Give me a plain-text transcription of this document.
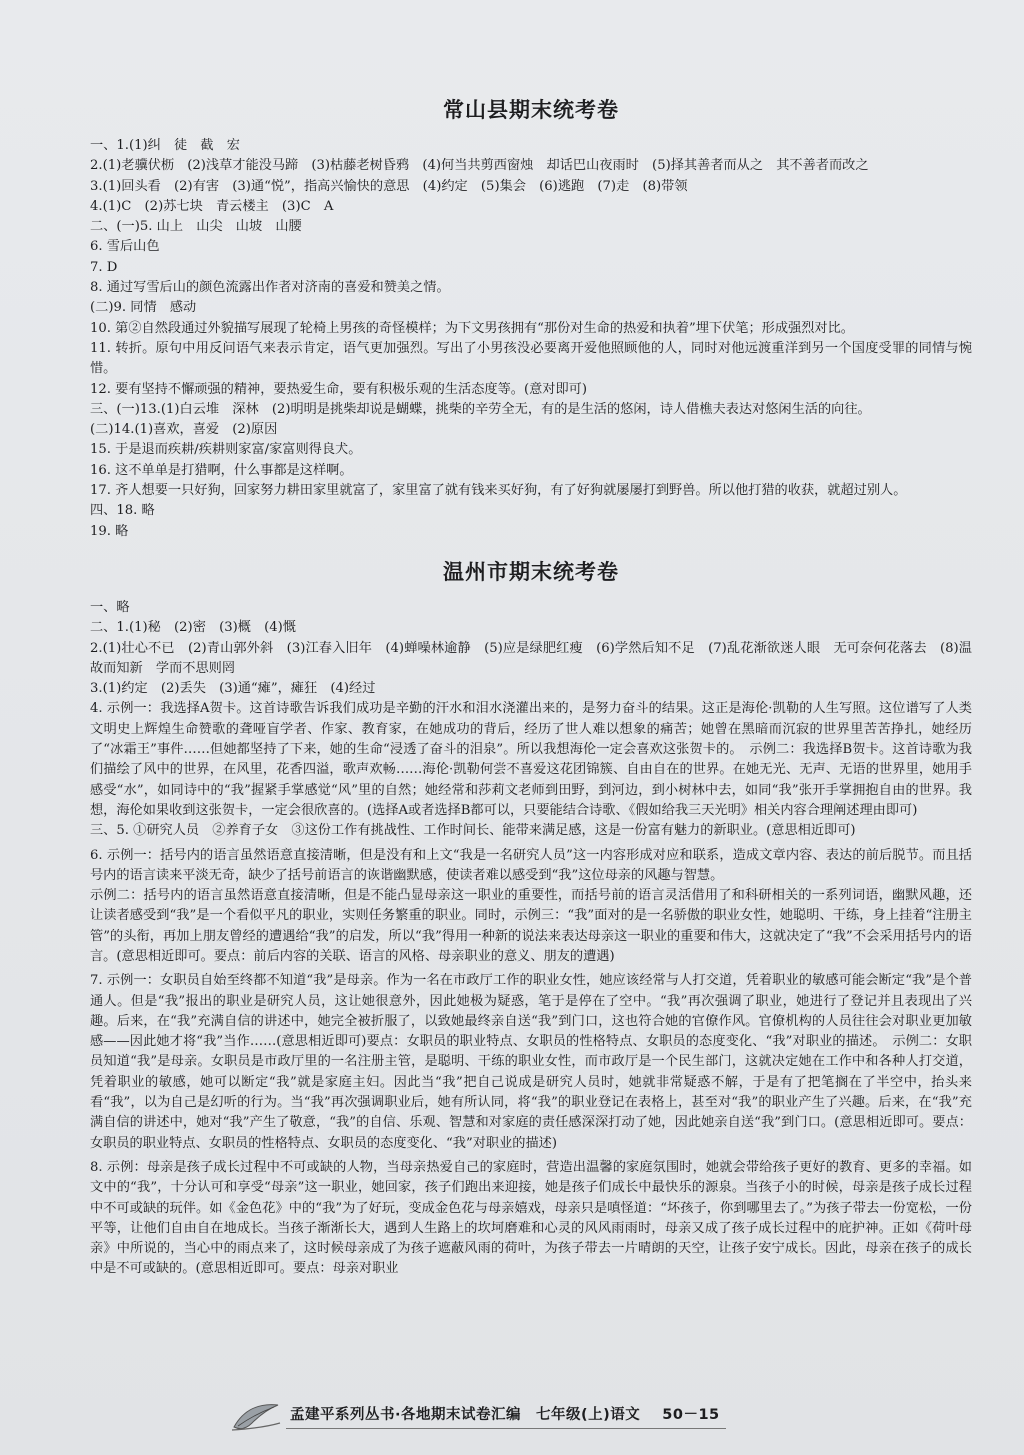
常山县期末统考卷

一、1.(1)纠　徒　截　宏

2.(1)老骥伏枥　(2)浅草才能没马蹄　(3)枯藤老树昏鸦　(4)何当共剪西窗烛　却话巴山夜雨时　(5)择其善者而从之　其不善者而改之

3.(1)回头看　(2)有害　(3)通“悦”，指高兴愉快的意思　(4)约定　(5)集会　(6)逃跑　(7)走　(8)带领

4.(1)C　(2)苏七块　青云楼主　(3)C　A

二、(一)5. 山上　山尖　山坡　山腰

6. 雪后山色

7. D

8. 通过写雪后山的颜色流露出作者对济南的喜爱和赞美之情。

(二)9. 同情　感动

10. 第②自然段通过外貌描写展现了轮椅上男孩的奇怪模样；为下文男孩拥有“那份对生命的热爱和执着”埋下伏笔；形成强烈对比。

11. 转折。原句中用反问语气来表示肯定，语气更加强烈。写出了小男孩没必要离开爱他照顾他的人，同时对他远渡重洋到另一个国度受罪的同情与惋惜。

12. 要有坚持不懈顽强的精神，要热爱生命，要有积极乐观的生活态度等。(意对即可)

三、(一)13.(1)白云堆　深林　(2)明明是挑柴却说是蝴蝶，挑柴的辛劳全无，有的是生活的悠闲，诗人借樵夫表达对悠闲生活的向往。

(二)14.(1)喜欢，喜爱　(2)原因

15. 于是退而疾耕/疾耕则家富/家富则得良犬。

16. 这不单单是打猎啊，什么事都是这样啊。

17. 齐人想要一只好狗，回家努力耕田家里就富了，家里富了就有钱来买好狗，有了好狗就屡屡打到野兽。所以他打猎的收获，就超过别人。

四、18. 略

19. 略

温州市期末统考卷

一、略

二、1.(1)秘　(2)密　(3)概　(4)慨

2.(1)壮心不已　(2)青山郭外斜　(3)江春入旧年　(4)蝉噪林逾静　(5)应是绿肥红瘦　(6)学然后知不足　(7)乱花渐欲迷人眼　无可奈何花落去　(8)温故而知新　学而不思则罔

3.(1)约定　(2)丢失　(3)通“瘫”，瘫狂　(4)经过

4. 示例一：我选择A贺卡。这首诗歌告诉我们成功是辛勤的汗水和泪水浇灌出来的，是努力奋斗的结果。这正是海伦·凯勒的人生写照。这位谱写了人类文明史上辉煌生命赞歌的聋哑盲学者、作家、教育家，在她成功的背后，经历了世人难以想象的痛苦；她曾在黑暗而沉寂的世界里苦苦挣扎，她经历了“冰霜王”事件……但她都坚持了下来，她的生命“浸透了奋斗的泪泉”。所以我想海伦一定会喜欢这张贺卡的。　示例二：我选择B贺卡。这首诗歌为我们描绘了风中的世界，在风里，花香四溢，歌声欢畅……海伦·凯勒何尝不喜爱这花团锦簇、自由自在的世界。在她无光、无声、无语的世界里，她用手感受“水”，如同诗中的“我”握紧手掌感觉“风”里的自然；她经常和莎莉文老师到田野，到河边，到小树林中去，如同“我”张开手掌拥抱自由的世界。我想，海伦如果收到这张贺卡，一定会很欣喜的。(选择A或者选择B都可以，只要能结合诗歌、《假如给我三天光明》相关内容合理阐述理由即可)

三、5. ①研究人员　②养育子女　③这份工作有挑战性、工作时间长、能带来满足感，这是一份富有魅力的新职业。(意思相近即可)

6. 示例一：括号内的语言虽然语意直接清晰，但是没有和上文“我是一名研究人员”这一内容形成对应和联系，造成文章内容、表达的前后脱节。而且括号内的语言读来平淡无奇，缺少了括号前语言的诙谐幽默感，使读者难以感受到“我”这位母亲的风趣与智慧。

示例二：括号内的语言虽然语意直接清晰，但是不能凸显母亲这一职业的重要性，而括号前的语言灵活借用了和科研相关的一系列词语，幽默风趣，还让读者感受到“我”是一个看似平凡的职业，实则任务繁重的职业。同时，示例三：“我”面对的是一名骄傲的职业女性，她聪明、干练，身上挂着“注册主管”的头衔，再加上朋友曾经的遭遇给“我”的启发，所以“我”得用一种新的说法来表达母亲这一职业的重要和伟大，这就决定了“我”不会采用括号内的语言。(意思相近即可。要点：前后内容的关联、语言的风格、母亲职业的意义、朋友的遭遇)

7. 示例一：女职员自始至终都不知道“我”是母亲。作为一名在市政厅工作的职业女性，她应该经常与人打交道，凭着职业的敏感可能会断定“我”是个普通人。但是“我”报出的职业是研究人员，这让她很意外，因此她极为疑惑，笔于是停在了空中。“我”再次强调了职业，她进行了登记并且表现出了兴趣。后来，在“我”充满自信的讲述中，她完全被折服了，以致她最终亲自送“我”到门口，这也符合她的官僚作风。官僚机构的人员往往会对职业更加敏感——因此她才将“我”当作……(意思相近即可)要点：女职员的职业特点、女职员的性格特点、女职员的态度变化、“我”对职业的描述。　示例二：女职员知道“我”是母亲。女职员是市政厅里的一名注册主管，是聪明、干练的职业女性，而市政厅是一个民生部门，这就决定她在工作中和各种人打交道，凭着职业的敏感，她可以断定“我”就是家庭主妇。因此当“我”把自己说成是研究人员时，她就非常疑惑不解，于是有了把笔搁在了半空中，抬头来看“我”，以为自己是幻听的行为。当“我”再次强调职业后，她有所认同，将“我”的职业登记在表格上，甚至对“我”的职业产生了兴趣。后来，在“我”充满自信的讲述中，她对“我”产生了敬意，“我”的自信、乐观、智慧和对家庭的责任感深深打动了她，因此她亲自送“我”到门口。(意思相近即可。要点：女职员的职业特点、女职员的性格特点、女职员的态度变化、“我”对职业的描述)

8. 示例：母亲是孩子成长过程中不可或缺的人物，当母亲热爱自己的家庭时，营造出温馨的家庭氛围时，她就会带给孩子更好的教育、更多的幸福。如文中的“我”，十分认可和享受“母亲”这一职业，她回家，孩子们跑出来迎接，她是孩子们成长中最快乐的源泉。当孩子小的时候，母亲是孩子成长过程中不可或缺的玩伴。如《金色花》中的“我”为了好玩，变成金色花与母亲嬉戏，母亲只是嗔怪道：“坏孩子，你到哪里去了。”为孩子带去一份宽松，一份平等，让他们自由自在地成长。当孩子渐渐长大，遇到人生路上的坎坷磨难和心灵的风风雨雨时，母亲又成了孩子成长过程中的庇护神。正如《荷叶母亲》中所说的，当心中的雨点来了，这时候母亲成了为孩子遮蔽风雨的荷叶，为孩子带去一片晴朗的天空，让孩子安宁成长。因此，母亲在孩子的成长中是不可或缺的。(意思相近即可。要点：母亲对职业

孟建平系列丛书·各地期末试卷汇编　七年级(上)语文 50－15
